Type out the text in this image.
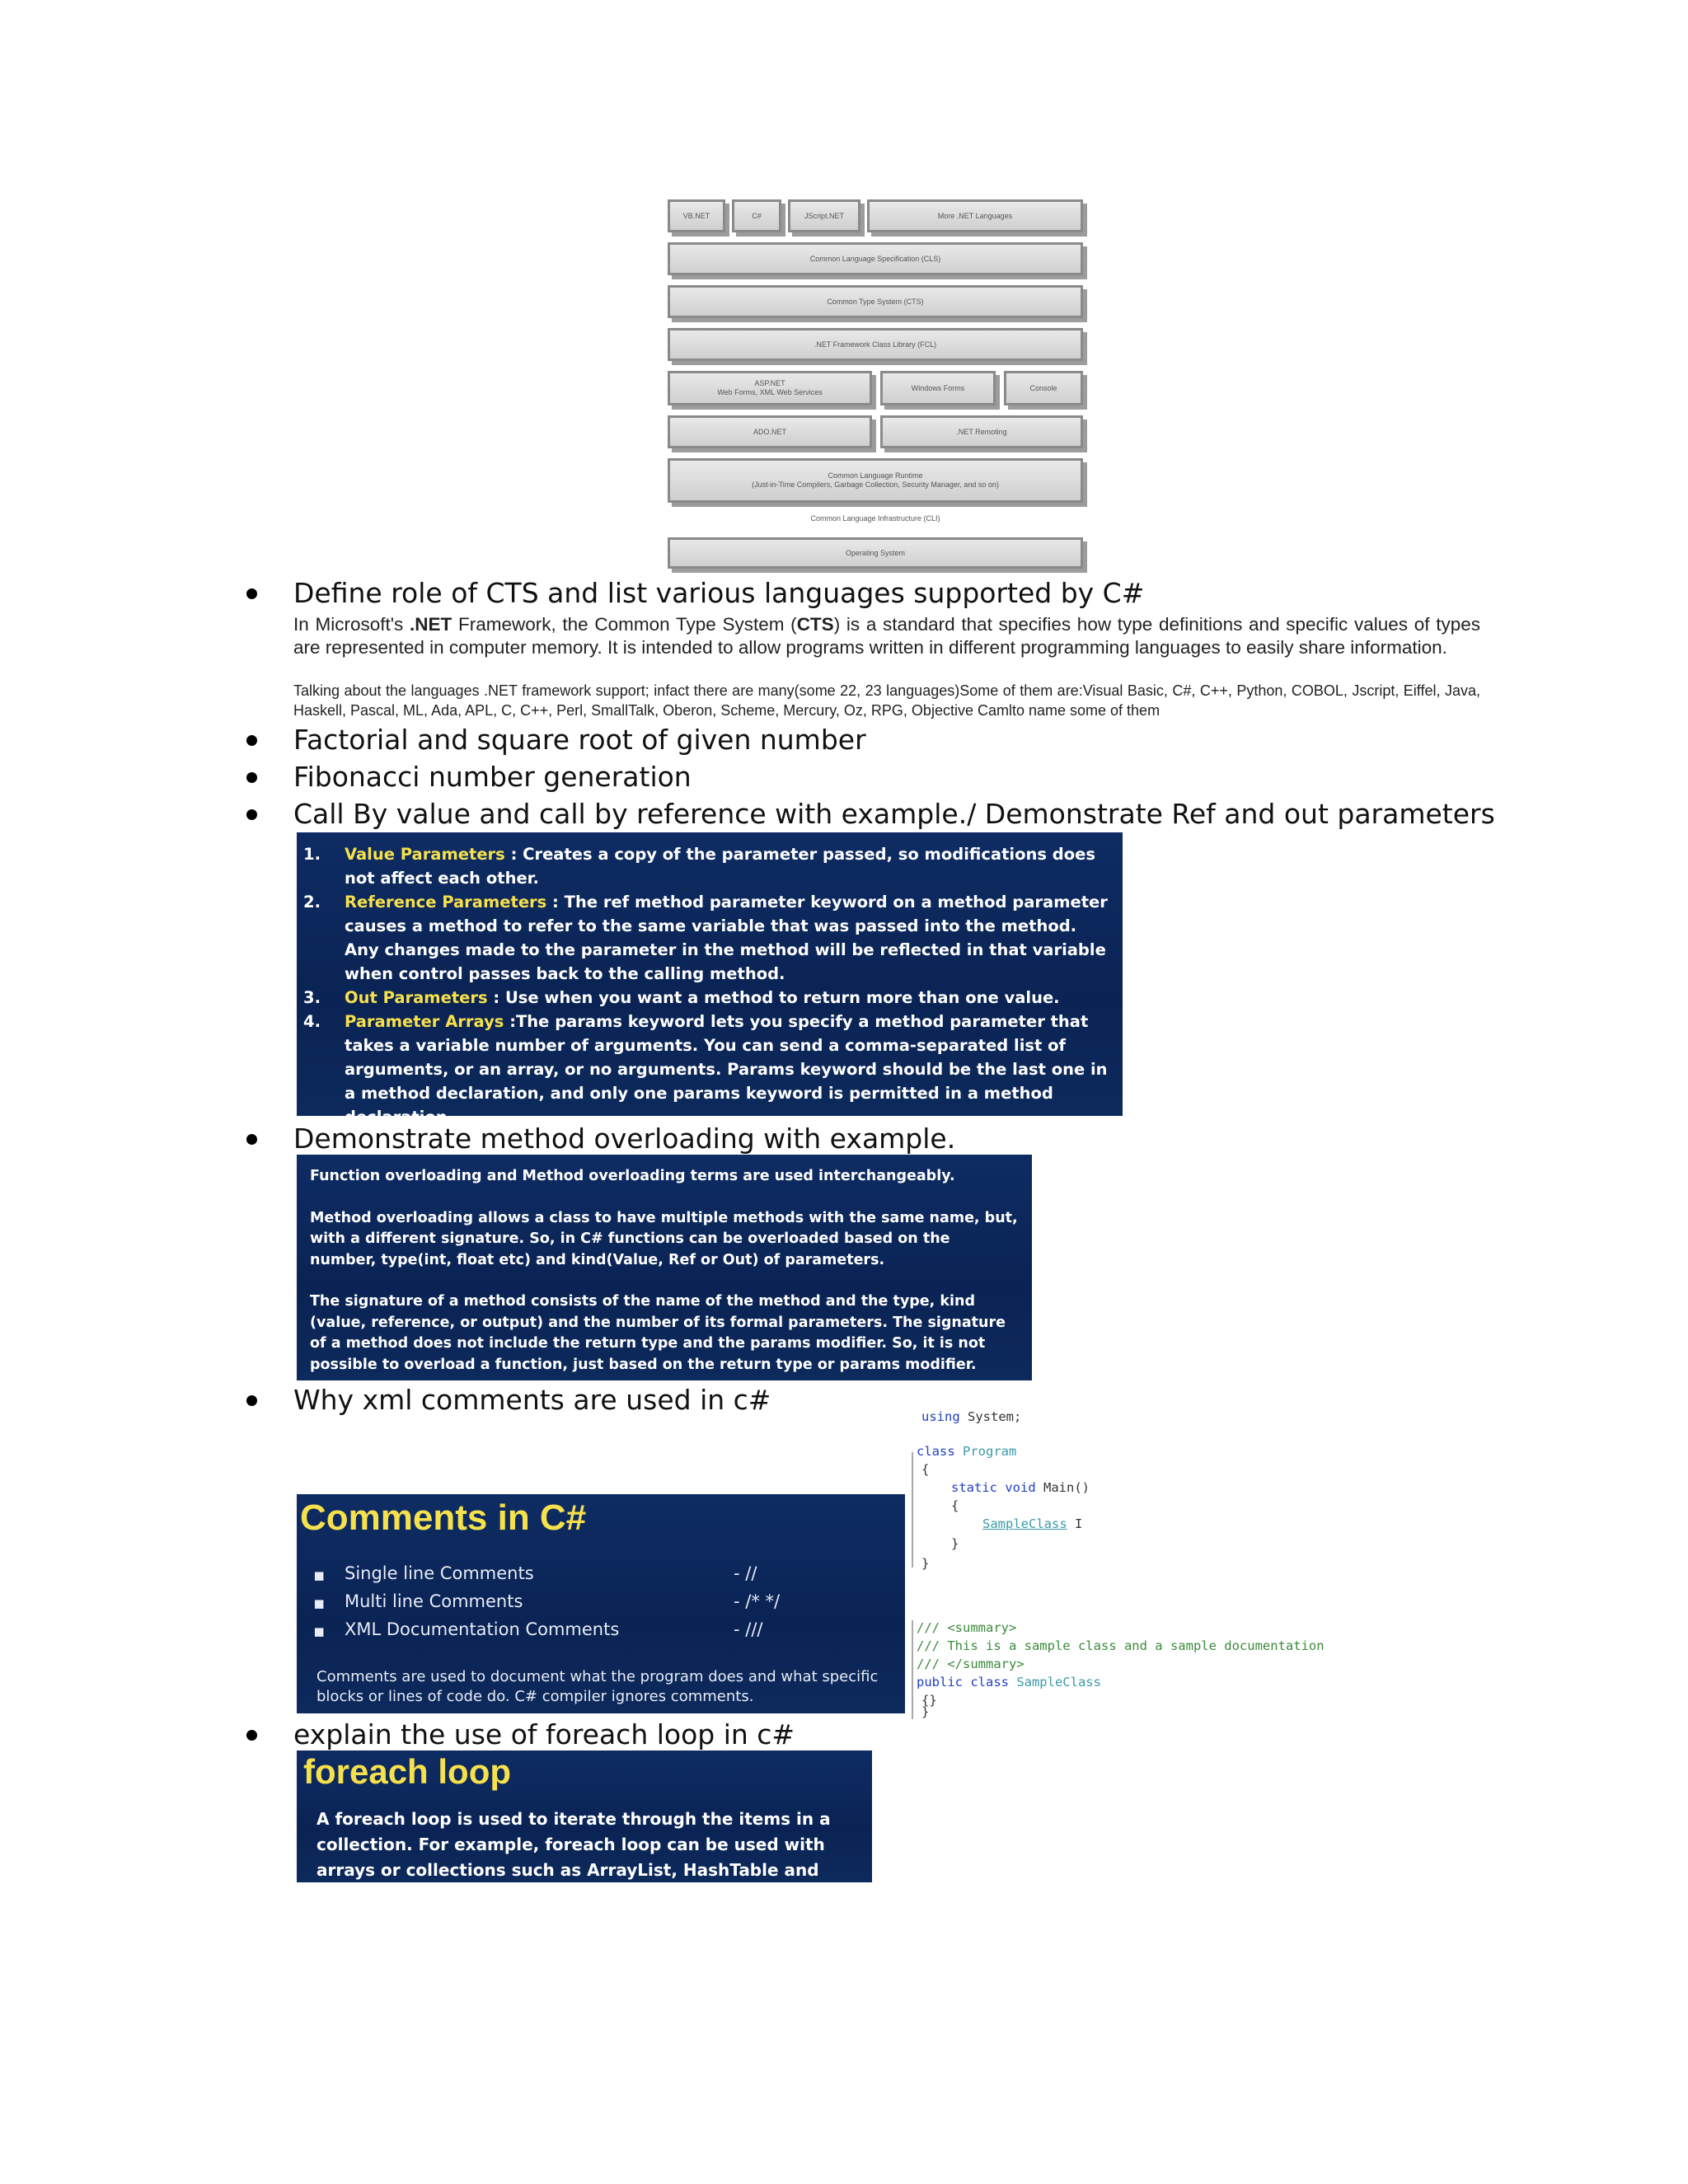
VB.NET	C#	JScript.NET	More .NET Languages
Common Language Specification (CLS)
Common Type System (CTS)
.NET Framework Class Library (FCL)
ASP.NET
Web Forms, XML Web Services
Windows Forms	Console
ADO.NET	.NET Remoting
Common Language Runtime
(Just-in-Time Compilers, Garbage Collection, Security Manager, and so on)
Common Language Infrastructure (CLI)
Operating System
Define role of CTS and list various languages supported by C#
In Microsoft's .NET Framework, the Common Type System (CTS) is a standard that specifies how type definitions and specific values of types are represented in computer memory. It is intended to allow programs written in different programming languages to easily share information.
Talking about the languages .NET framework support; infact there are many(some 22, 23 languages)Some of them are:Visual Basic, C#, C++, Python, COBOL, Jscript, Eiffel, Java, Haskell, Pascal, ML, Ada, APL, C, C++, Perl, SmallTalk, Oberon, Scheme, Mercury, Oz, RPG, Objective Camlto name some of them
Factorial and square root of given number
Fibonacci number generation
Call By value and call by reference with example./ Demonstrate Ref and out parameters
1. Value Parameters : Creates a copy of the parameter passed, so modifications does not affect each other.
2. Reference Parameters : The ref method parameter keyword on a method parameter causes a method to refer to the same variable that was passed into the method. Any changes made to the parameter in the method will be reflected in that variable when control passes back to the calling method.
3. Out Parameters : Use when you want a method to return more than one value.
4. Parameter Arrays :The params keyword lets you specify a method parameter that takes a variable number of arguments. You can send a comma-separated list of arguments, or an array, or no arguments. Params keyword should be the last one in a method declaration, and only one params keyword is permitted in a method declaration.
Demonstrate method overloading with example.

Function overloading and Method overloading terms are used interchangeably.

Method overloading allows a class to have multiple methods with the same name, but, with a different signature. So, in C# functions can be overloaded based on the number, type(int, float etc) and kind(Value, Ref or Out) of parameters.

The signature of a method consists of the name of the method and the type, kind (value, reference, or output) and the number of its formal parameters. The signature of a method does not include the return type and the params modifier. So, it is not possible to overload a function, just based on the return type or params modifier.

Why xml comments are used in c#
Comments in C#
▪ Single line Comments	- //
▪ Multi line Comments	- /* */
▪ XML Documentation Comments	- ///
Comments are used to document what the program does and what specific blocks or lines of code do. C# compiler ignores comments.
using System;
class Program
{
static void Main()
{
SampleClass I
}
}
/// <summary>
/// This is a sample class and a sample documentation
/// </summary>
public class SampleClass
{}
}
explain the use of foreach loop in c#
foreach loop
A foreach loop is used to iterate through the items in a collection. For example, foreach loop can be used with arrays or collections such as ArrayList, HashTable and Generics. We
